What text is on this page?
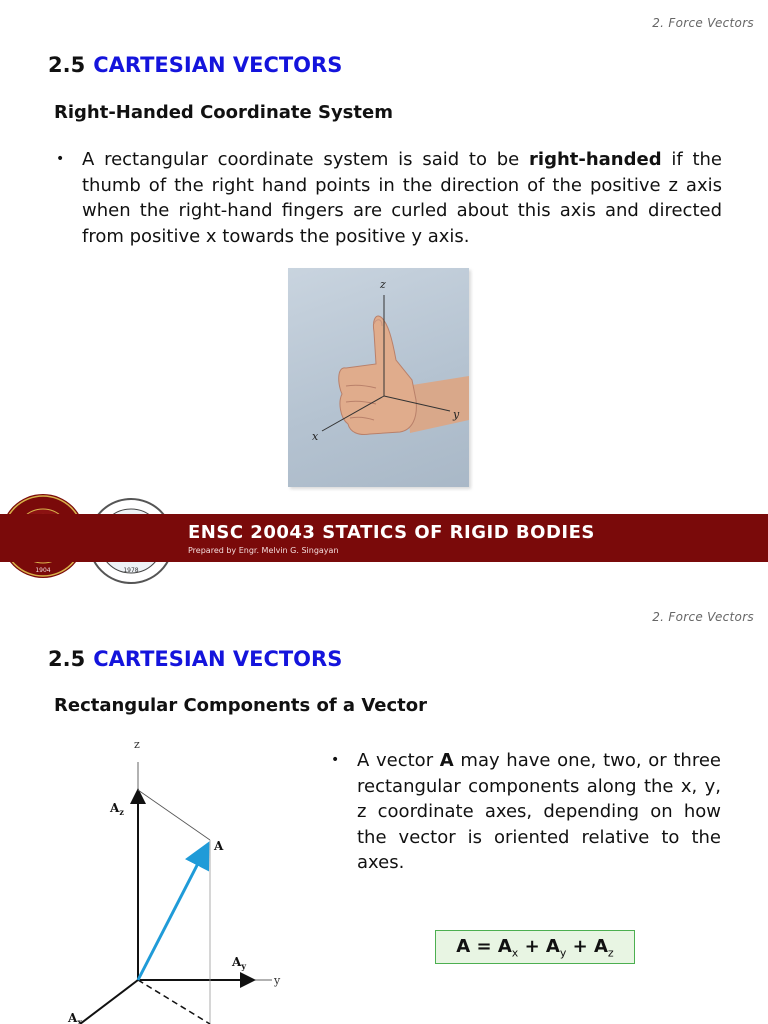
2. Force Vectors
2.5 CARTESIAN VECTORS
Right-Handed Coordinate System
• A rectangular coordinate system is said to be right-handed if the thumb of the right hand points in the direction of the positive z axis when the right-hand fingers are curled about this axis and directed from positive x towards the positive y axis.
z
y
x
1904	1978
ENSC 20043 STATICS OF RIGID BODIES
Prepared by Engr. Melvin G. Singayan
2. Force Vectors
2.5 CARTESIAN VECTORS
Rectangular Components of a Vector
• A vector A may have one, two, or three rectangular components along the x, y, z coordinate axes, depending on how the vector is oriented relative to the axes.
z
y
A
$A_z$
$A_y$
$A_x$
$A = A_x + A_y + A_z$
